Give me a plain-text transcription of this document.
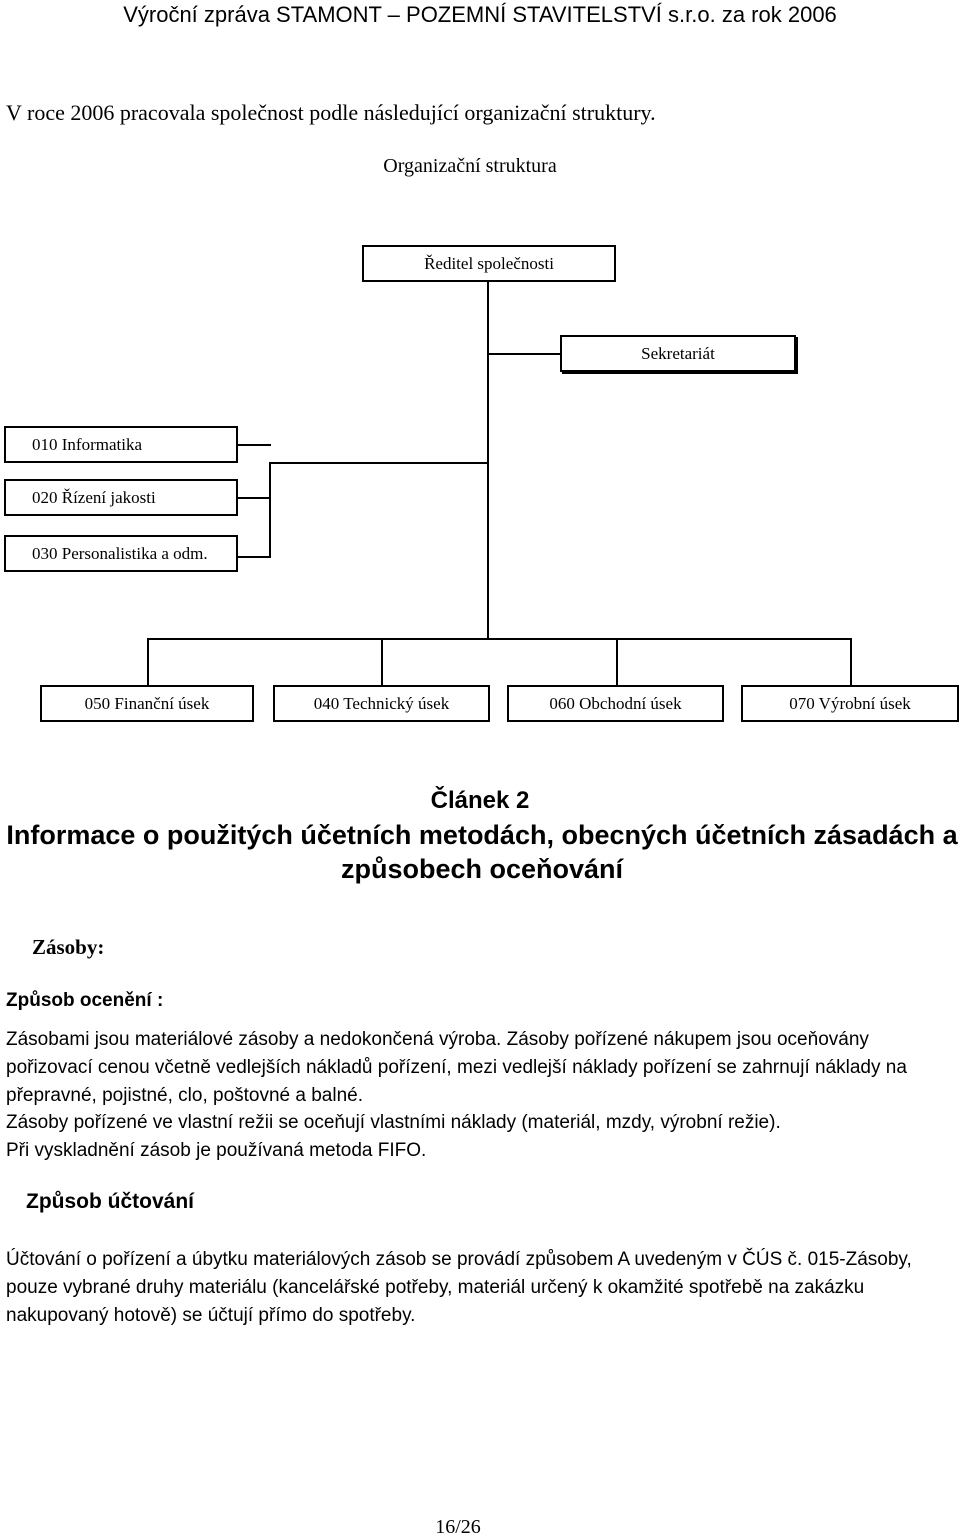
Výroční zpráva STAMONT – POZEMNÍ STAVITELSTVÍ s.r.o. za rok 2006
V roce 2006 pracovala společnost podle následující organizační struktury.
Organizační struktura
Ředitel společnosti
Sekretariát
010 Informatika
020 Řízení jakosti
030 Personalistika a odm.
050 Finanční úsek	040 Technický úsek	060 Obchodní úsek	070 Výrobní úsek
Článek 2
Informace o použitých účetních metodách, obecných účetních zásadách a způsobech oceňování
Zásoby:
Způsob ocenění :
Zásobami jsou materiálové zásoby a nedokončená výroba. Zásoby pořízené nákupem jsou oceňovány pořizovací cenou včetně vedlejších nákladů pořízení, mezi vedlejší náklady pořízení se zahrnují náklady na přepravné, pojistné, clo, poštovné a balné.
Zásoby pořízené ve vlastní režii se oceňují vlastními náklady (materiál, mzdy, výrobní režie).
Při vyskladnění zásob je používaná metoda FIFO.
Způsob účtování
Účtování o pořízení a úbytku materiálových zásob se provádí způsobem A uvedeným v ČÚS č. 015-Zásoby, pouze vybrané druhy materiálu (kancelářské potřeby, materiál určený k okamžité spotřebě na zakázku nakupovaný hotově) se účtují přímo do spotřeby.
16/26
